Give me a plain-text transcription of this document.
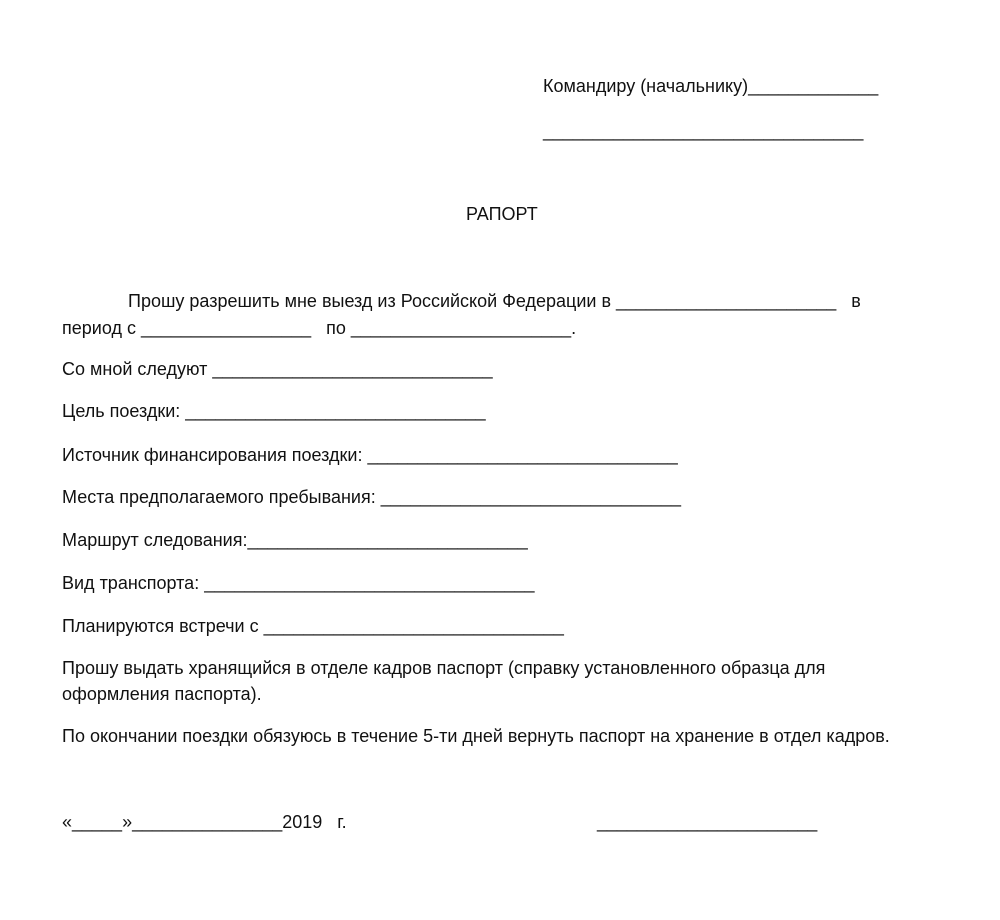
Командиру (начальнику)_____________
________________________________
РАПОРТ
Прошу разрешить мне выезд из Российской Федерации в ______________________   в
период с _________________   по ______________________.
Со мной следуют ____________________________
Цель поездки: ______________________________
Источник финансирования поездки: _______________________________
Места предполагаемого пребывания: ______________________________
Маршрут следования:____________________________
Вид транспорта: _________________________________
Планируются встречи с ______________________________
Прошу выдать хранящийся в отделе кадров паспорт (справку установленного образца для оформления паспорта).
По окончании поездки обязуюсь в течение 5-ти дней вернуть паспорт на хранение в отдел кадров.
«_____»_______________2019   г.	______________________
